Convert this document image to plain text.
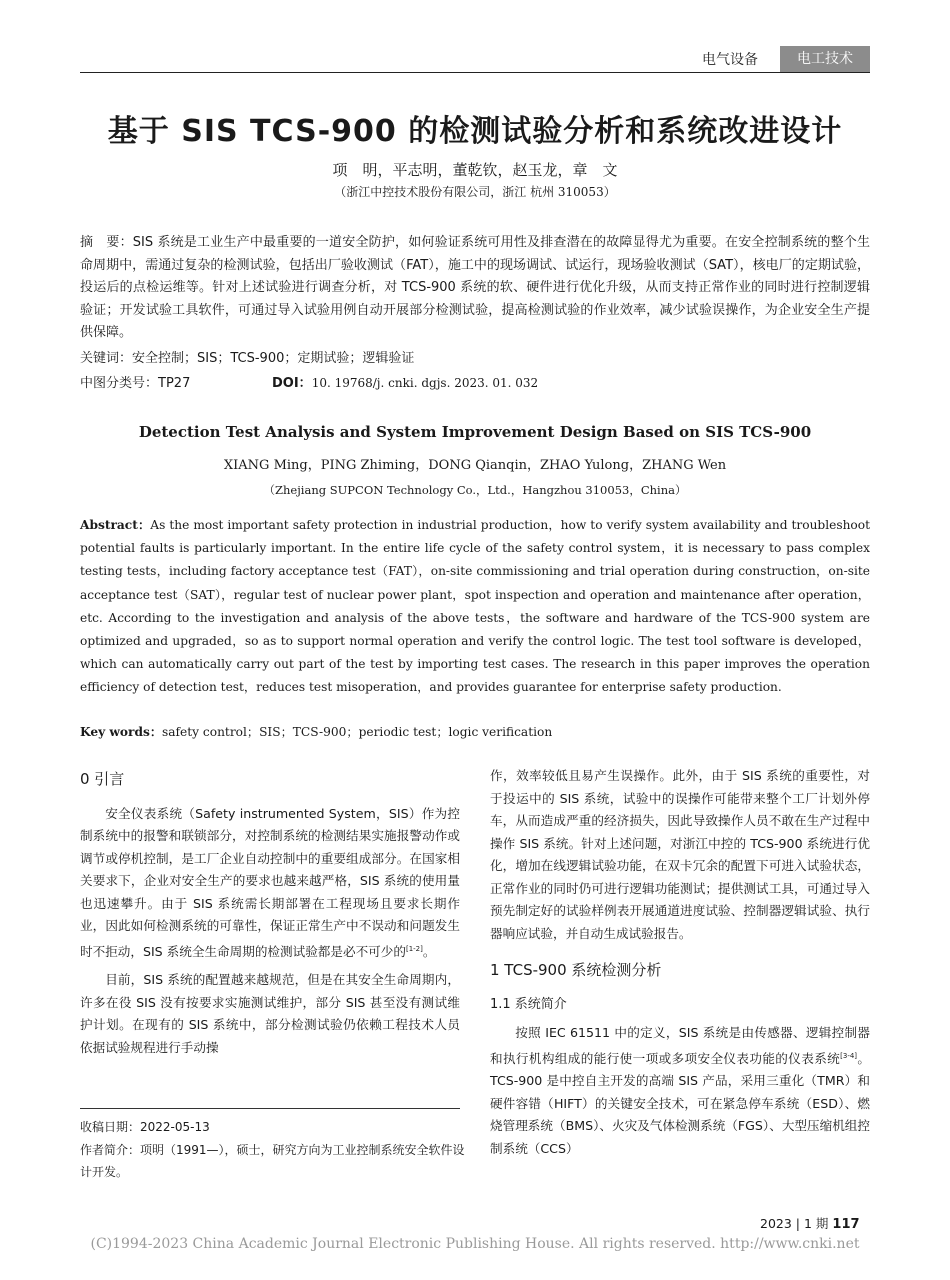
电气设备	电工技术
基于 SIS TCS-900 的检测试验分析和系统改进设计
项　明，平志明，董乾钦，赵玉龙，章　文
（浙江中控技术股份有限公司，浙江 杭州 310053）
摘　要：SIS 系统是工业生产中最重要的一道安全防护，如何验证系统可用性及排查潜在的故障显得尤为重要。在安全控制系统的整个生命周期中，需通过复杂的检测试验，包括出厂验收测试（FAT），施工中的现场调试、试运行，现场验收测试（SAT），核电厂的定期试验，投运后的点检运维等。针对上述试验进行调查分析，对 TCS-900 系统的软、硬件进行优化升级，从而支持正常作业的同时进行控制逻辑验证；开发试验工具软件，可通过导入试验用例自动开展部分检测试验，提高检测试验的作业效率，减少试验误操作，为企业安全生产提供保障。
关键词：安全控制；SIS；TCS-900；定期试验；逻辑验证
中图分类号：TP27	DOI：10. 19768/j. cnki. dgjs. 2023. 01. 032
Detection Test Analysis and System Improvement Design Based on SIS TCS-900
XIANG Ming，PING Zhiming，DONG Qianqin，ZHAO Yulong，ZHANG Wen
（Zhejiang SUPCON Technology Co.，Ltd.，Hangzhou 310053，China）
Abstract：As the most important safety protection in industrial production，how to verify system availability and troubleshoot potential faults is particularly important. In the entire life cycle of the safety control system，it is necessary to pass complex testing tests，including factory acceptance test（FAT），on-site commissioning and trial operation during construction，on-site acceptance test（SAT），regular test of nuclear power plant，spot inspection and operation and maintenance after operation，etc. According to the investigation and analysis of the above tests，the software and hardware of the TCS-900 system are optimized and upgraded，so as to support normal operation and verify the control logic. The test tool software is developed，which can automatically carry out part of the test by importing test cases. The research in this paper improves the operation efficiency of detection test，reduces test misoperation，and provides guarantee for enterprise safety production.
Key words：safety control；SIS；TCS-900；periodic test；logic verification

0 引言

安全仪表系统（Safety instrumented System，SIS）作为控制系统中的报警和联锁部分，对控制系统的检测结果实施报警动作或调节或停机控制，是工厂企业自动控制中的重要组成部分。在国家相关要求下，企业对安全生产的要求也越来越严格，SIS 系统的使用量也迅速攀升。由于 SIS 系统需长期部署在工程现场且要求长期作业，因此如何检测系统的可靠性，保证正常生产中不误动和问题发生时不拒动，SIS 系统全生命周期的检测试验都是必不可少的[1-2]。

目前，SIS 系统的配置越来越规范，但是在其安全生命周期内，许多在役 SIS 没有按要求实施测试维护，部分 SIS 甚至没有测试维护计划。在现有的 SIS 系统中，部分检测试验仍依赖工程技术人员依据试验规程进行手动操

作，效率较低且易产生误操作。此外，由于 SIS 系统的重要性，对于投运中的 SIS 系统，试验中的误操作可能带来整个工厂计划外停车，从而造成严重的经济损失，因此导致操作人员不敢在生产过程中操作 SIS 系统。针对上述问题，对浙江中控的 TCS-900 系统进行优化，增加在线逻辑试验功能，在双卡冗余的配置下可进入试验状态，正常作业的同时仍可进行逻辑功能测试；提供测试工具，可通过导入预先制定好的试验样例表开展通道进度试验、控制器逻辑试验、执行器响应试验，并自动生成试验报告。

1 TCS-900 系统检测分析

1.1 系统简介

按照 IEC 61511 中的定义，SIS 系统是由传感器、逻辑控制器和执行机构组成的能行使一项或多项安全仪表功能的仪表系统[3-4]。TCS-900 是中控自主开发的高端 SIS 产品，采用三重化（TMR）和硬件容错（HIFT）的关键安全技术，可在紧急停车系统（ESD）、燃烧管理系统（BMS）、火灾及气体检测系统（FGS）、大型压缩机组控制系统（CCS）

收稿日期：2022-05-13
作者简介：项明（1991—），硕士，研究方向为工业控制系统安全软件设计开发。
2023 | 1 期 117
(C)1994-2023 China Academic Journal Electronic Publishing House. All rights reserved. http://www.cnki.net
